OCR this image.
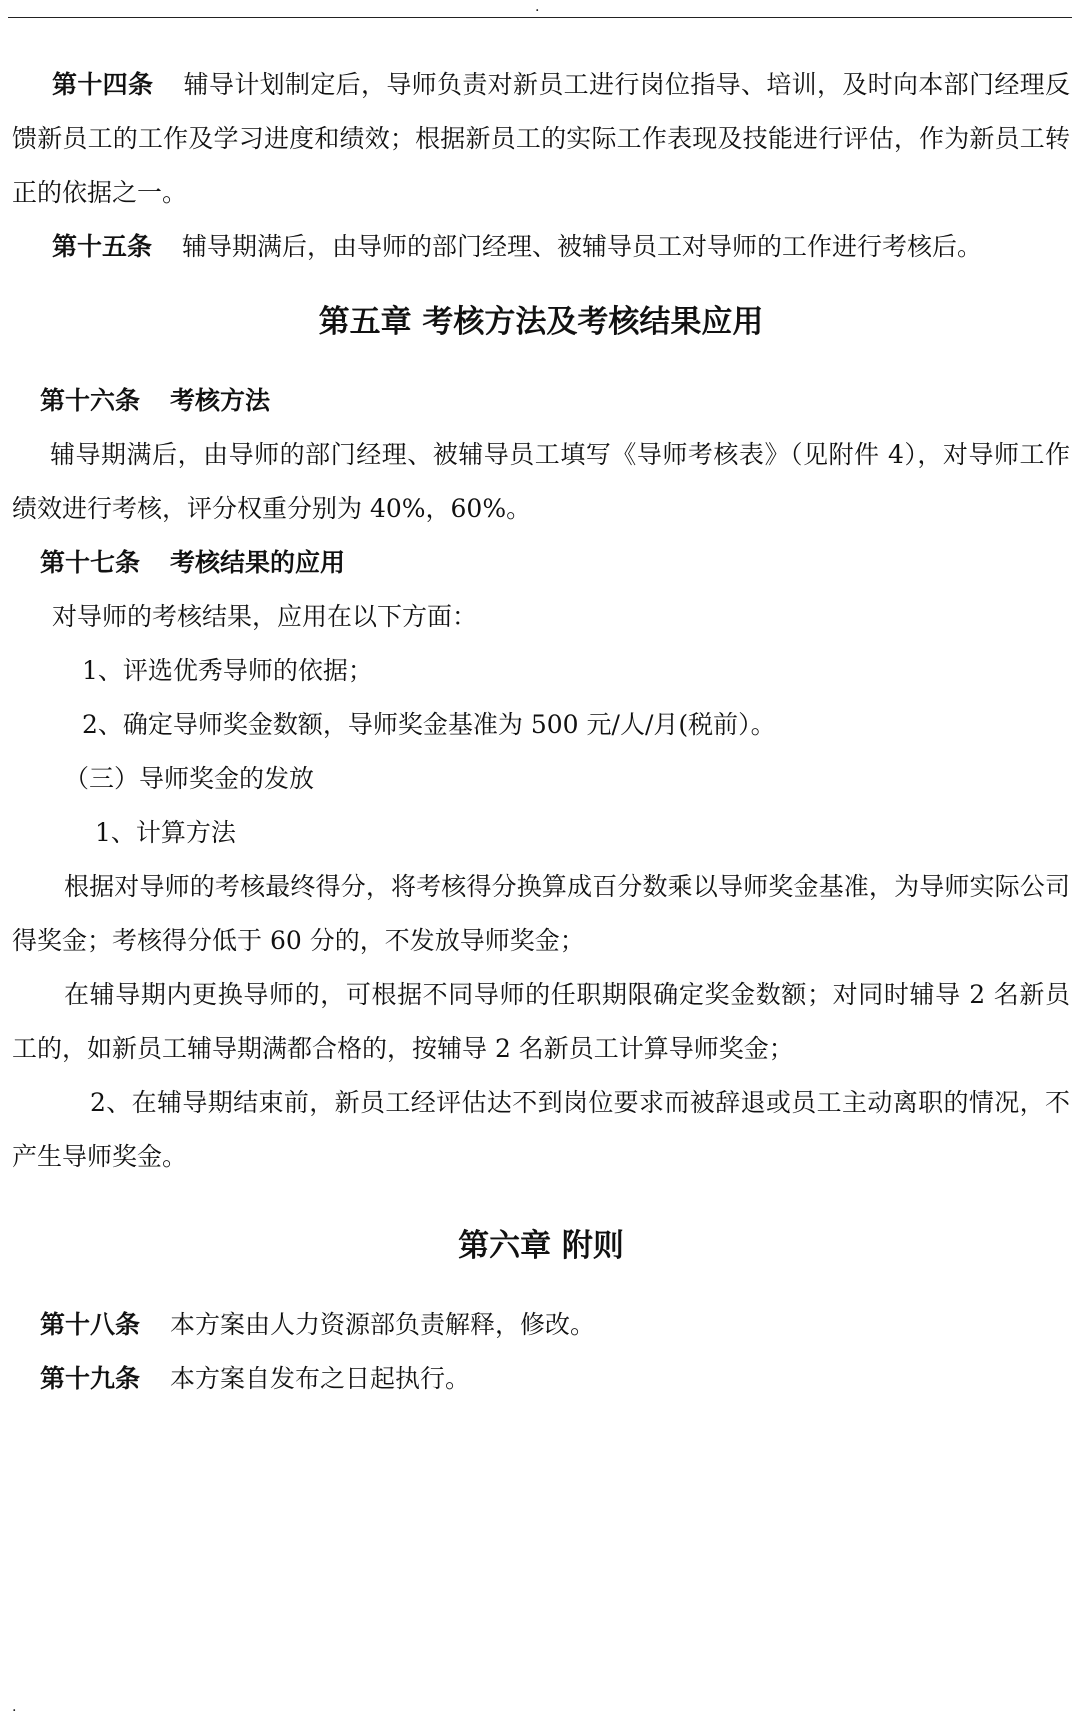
.

第十四条 辅导计划制定后，导师负责对新员工进行岗位指导、培训，及时向本部门经理反馈新员工的工作及学习进度和绩效；根据新员工的实际工作表现及技能进行评估，作为新员工转正的依据之一。

第十五条 辅导期满后，由导师的部门经理、被辅导员工对导师的工作进行考核后。

第五章 考核方法及考核结果应用

第十六条 考核方法

辅导期满后，由导师的部门经理、被辅导员工填写《导师考核表》（见附件 4），对导师工作绩效进行考核，评分权重分别为 40%，60%。

第十七条 考核结果的应用

对导师的考核结果，应用在以下方面：

1、评选优秀导师的依据；

2、确定导师奖金数额，导师奖金基准为 500 元/人/月(税前）。

（三）导师奖金的发放

1、计算方法

根据对导师的考核最终得分，将考核得分换算成百分数乘以导师奖金基准，为导师实际公司得奖金；考核得分低于 60 分的，不发放导师奖金；

在辅导期内更换导师的，可根据不同导师的任职期限确定奖金数额；对同时辅导 2 名新员工的，如新员工辅导期满都合格的，按辅导 2 名新员工计算导师奖金；

2、在辅导期结束前，新员工经评估达不到岗位要求而被辞退或员工主动离职的情况，不产生导师奖金。

第六章 附则

第十八条 本方案由人力资源部负责解释，修改。

第十九条 本方案自发布之日起执行。

.
